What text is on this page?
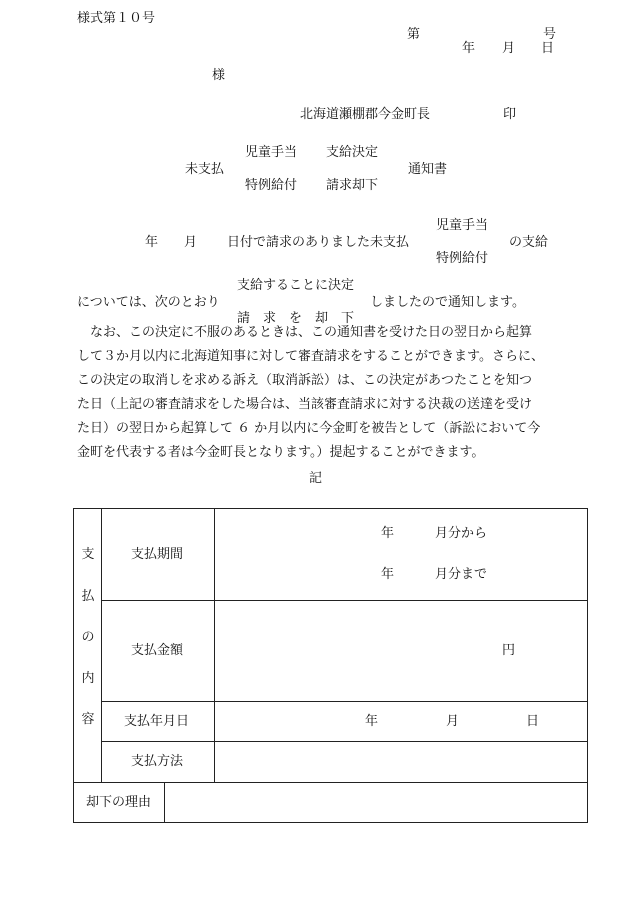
様式第１０号
第	号
年 月 日
様
北海道瀬棚郡今金町長	印
児童手当 支給決定
未支払	通知書
特例給付 請求却下
児童手当
年 月 日付で請求のありました未支払	の支給
特例給付
支給することに決定
については、次のとおり	しましたので通知します。
請　求　を　却　下
　なお、この決定に不服のあるときは、この通知書を受けた日の翌日から起算
して３か月以内に北海道知事に対して審査請求をすることができます。さらに、
この決定の取消しを求める訴え（取消訴訟）は、この決定があつたことを知つ
た日（上記の審査請求をした場合は、当該審査請求に対する決裁の送達を受け
た日）の翌日から起算して ６ か月以内に今金町を被告として（訴訟において今
金町を代表する者は今金町長となります。）提起することができます。
記
支
払
の
内
容
支払期間
年	月分から
年	月分まで
支払金額	円
支払年月日	年	月	日
支払方法
却下の理由
